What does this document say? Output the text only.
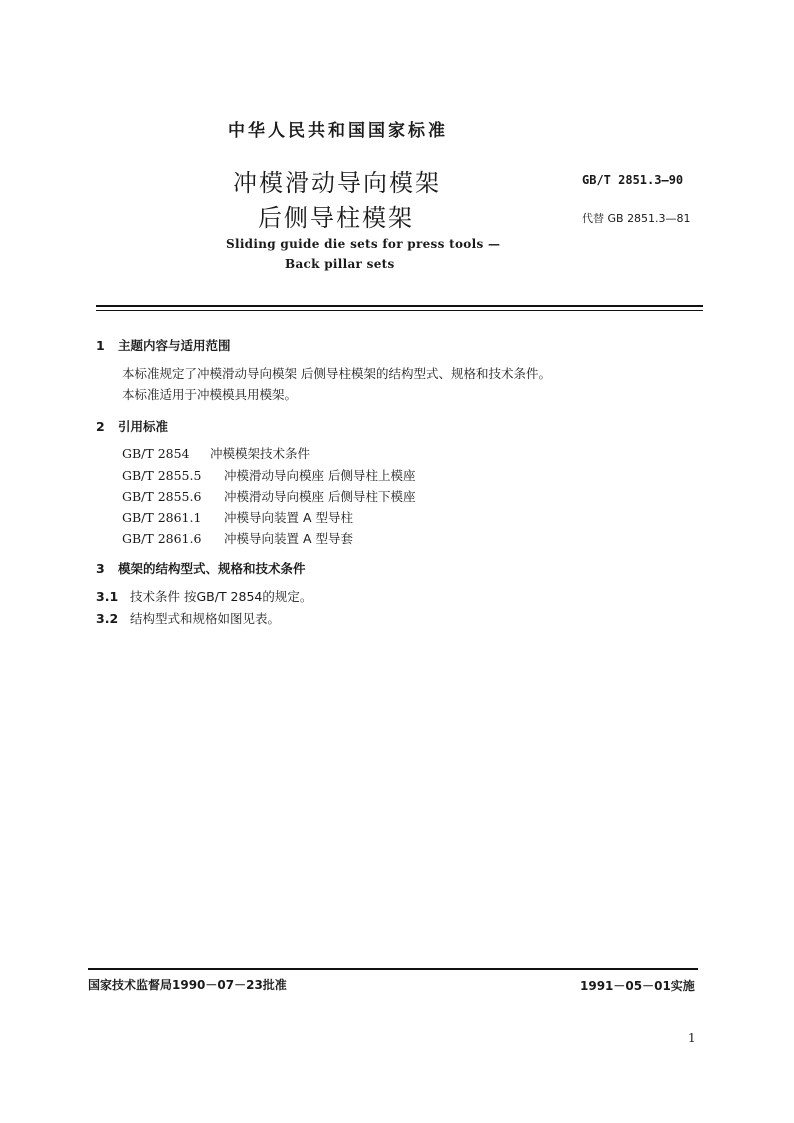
中华人民共和国国家标准
冲模滑动导向模架
后侧导柱模架
GB/T 2851.3—90
代替 GB 2851.3—81
Sliding guide die sets for press tools —
Back pillar sets
1 主题内容与适用范围
本标准规定了冲模滑动导向模架 后侧导柱模架的结构型式、规格和技术条件。
本标准适用于冲模模具用模架。
2 引用标准
GB/T 2854 冲模模架技术条件
GB/T 2855.5 冲模滑动导向模座 后侧导柱上模座
GB/T 2855.6 冲模滑动导向模座 后侧导柱下模座
GB/T 2861.1 冲模导向装置 A 型导柱
GB/T 2861.6 冲模导向装置 A 型导套
3 模架的结构型式、规格和技术条件
3.1 技术条件 按GB/T 2854的规定。
3.2 结构型式和规格如图见表。
国家技术监督局1990－07－23批准	1991－05－01实施
1
